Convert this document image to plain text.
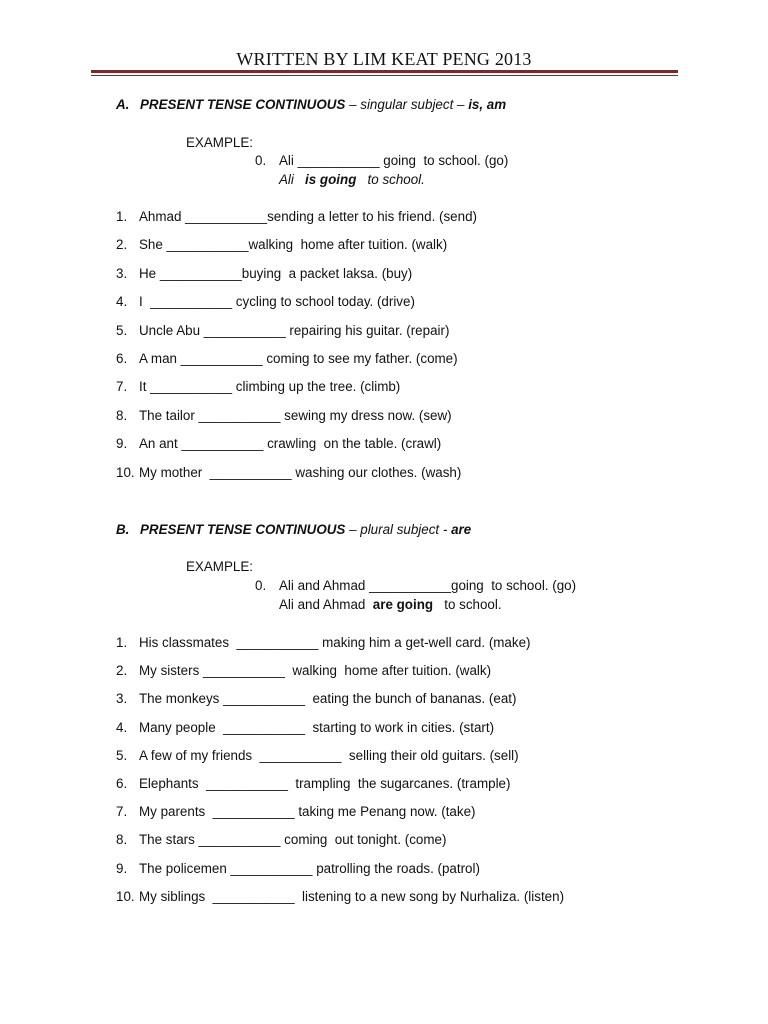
WRITTEN BY LIM KEAT PENG 2013
A. PRESENT TENSE CONTINUOUS – singular subject – is, am
EXAMPLE:
0. Ali ___________ going  to school. (go)
Ali   is going   to school.
1. Ahmad ___________sending a letter to his friend. (send)
2. She ___________walking  home after tuition. (walk)
3. He ___________buying  a packet laksa. (buy)
4. I  ___________ cycling to school today. (drive)
5. Uncle Abu ___________ repairing his guitar. (repair)
6. A man ___________ coming to see my father. (come)
7. It ___________ climbing up the tree. (climb)
8. The tailor ___________ sewing my dress now. (sew)
9. An ant ___________ crawling  on the table. (crawl)
10. My mother  ___________ washing our clothes. (wash)
B. PRESENT TENSE CONTINUOUS – plural subject - are
EXAMPLE:
0. Ali and Ahmad ___________going  to school. (go)
Ali and Ahmad  are going   to school.
1. His classmates  ___________ making him a get-well card. (make)
2. My sisters ___________  walking  home after tuition. (walk)
3. The monkeys ___________  eating the bunch of bananas. (eat)
4. Many people  ___________  starting to work in cities. (start)
5. A few of my friends  ___________  selling their old guitars. (sell)
6. Elephants  ___________  trampling  the sugarcanes. (trample)
7. My parents  ___________ taking me Penang now. (take)
8. The stars ___________ coming  out tonight. (come)
9. The policemen ___________ patrolling the roads. (patrol)
10. My siblings  ___________  listening to a new song by Nurhaliza. (listen)
